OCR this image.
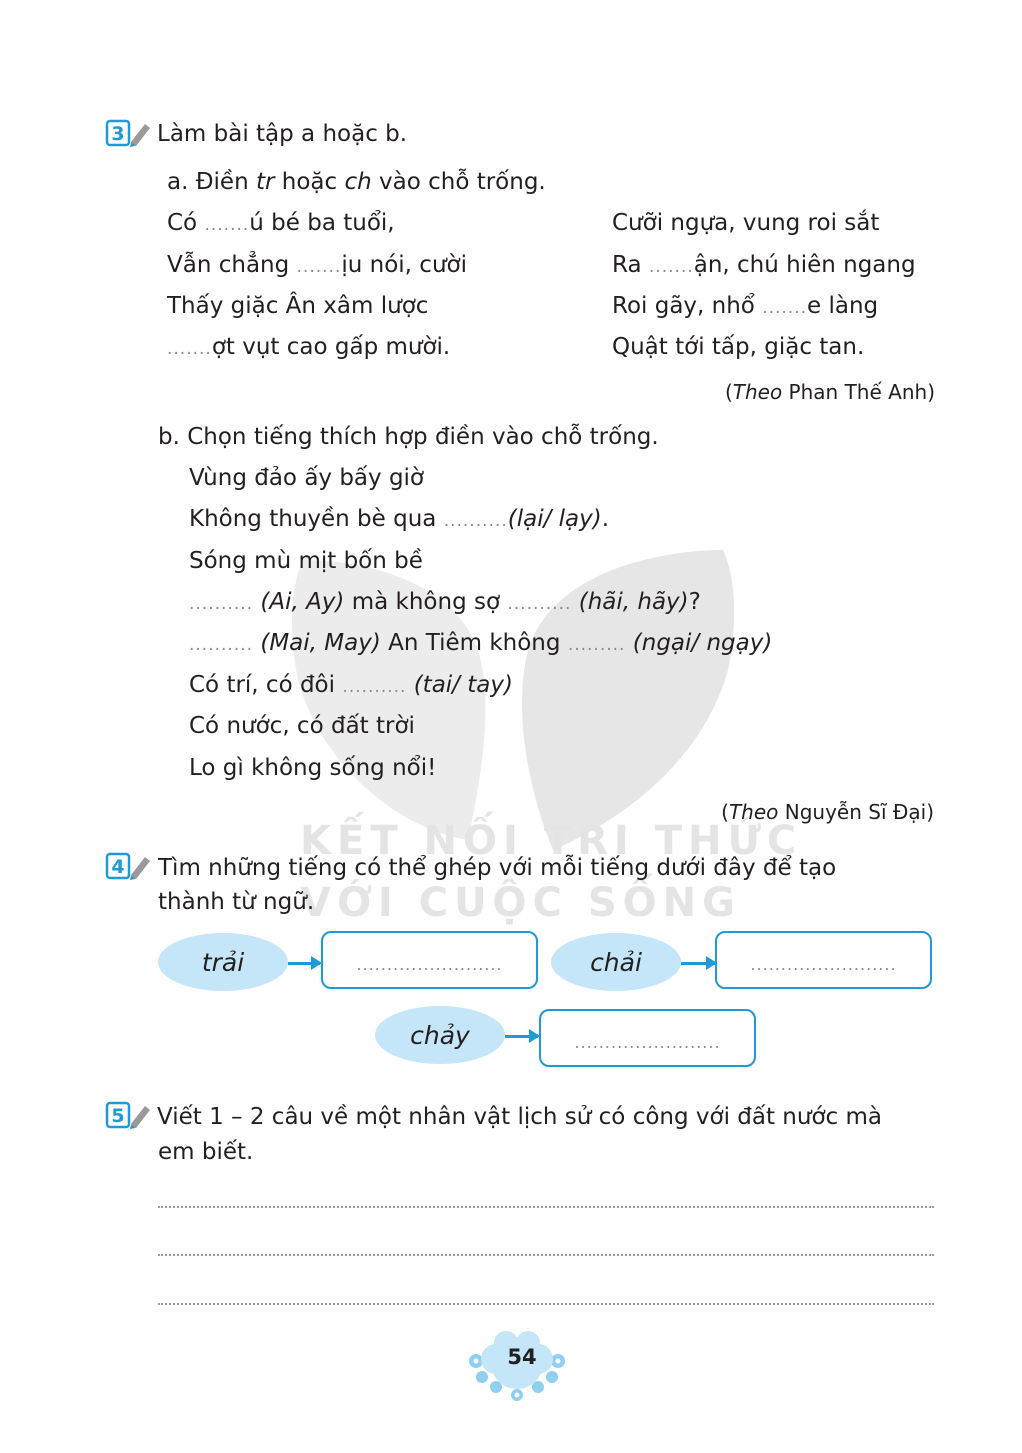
KẾT NỐI TRI THỨC
VỚI CUỘC SỐNG
3 Làm bài tập a hoặc b.
a. Điền tr hoặc ch vào chỗ trống.
Có .......ú bé ba tuổi,
Vẫn chẳng .......ịu nói, cười
Thấy giặc Ân xâm lược
.......ợt vụt cao gấp mười.
Cưỡi ngựa, vung roi sắt
Ra .......ận, chú hiên ngang
Roi gãy, nhổ .......e làng
Quật tới tấp, giặc tan.
(Theo Phan Thế Anh)
b. Chọn tiếng thích hợp điền vào chỗ trống.
Vùng đảo ấy bấy giờ
Không thuyền bè qua ..........(lại/ lạy).
Sóng mù mịt bốn bề
.......... (Ai, Ay) mà không sợ .......... (hãi, hãy)?
.......... (Mai, May) An Tiêm không ......... (ngại/ ngạy)
Có trí, có đôi .......... (tai/ tay)
Có nước, có đất trời
Lo gì không sống nổi!
(Theo Nguyễn Sĩ Đại)
4 Tìm những tiếng có thể ghép với mỗi tiếng dưới đây để tạo
thành từ ngữ.
trải	........................	chải	........................
chảy	........................
5 Viết 1 – 2 câu về một nhân vật lịch sử có công với đất nước mà
em biết.
54
